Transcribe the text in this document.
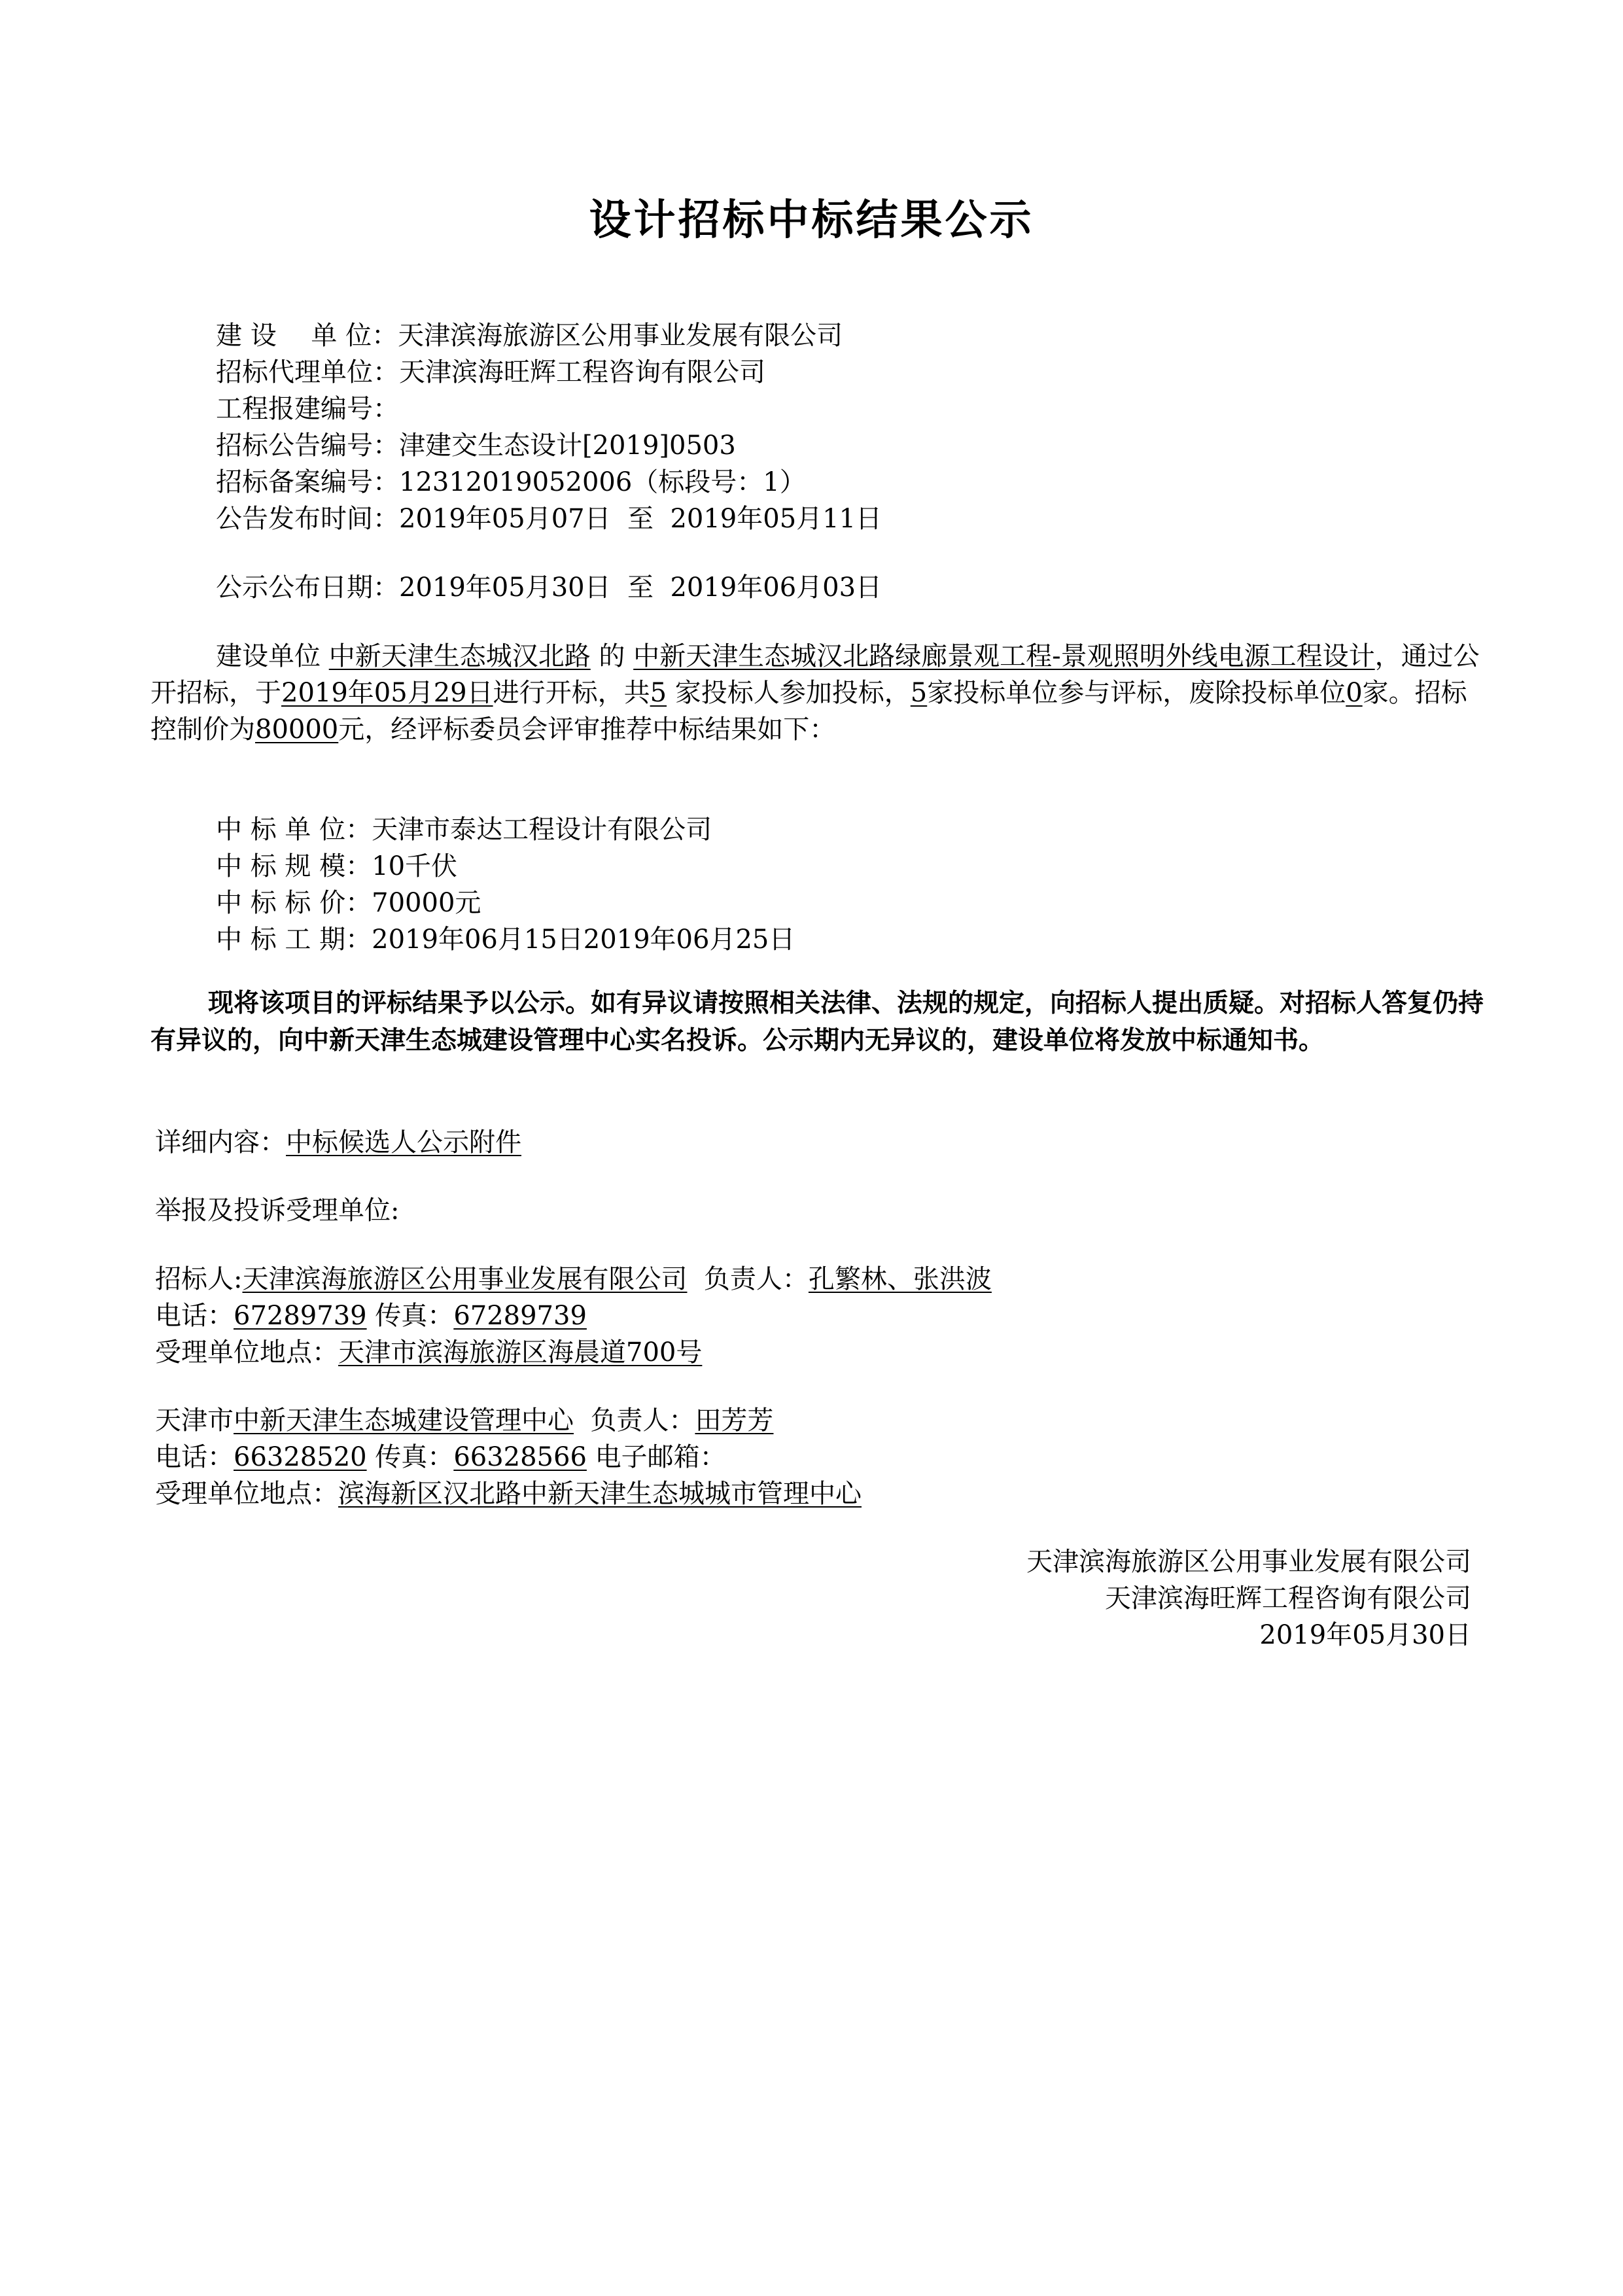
设计招标中标结果公示
建 设　 单 位：天津滨海旅游区公用事业发展有限公司
招标代理单位：天津滨海旺辉工程咨询有限公司
工程报建编号：
招标公告编号：津建交生态设计[2019]0503
招标备案编号：12312019052006（标段号：1）
公告发布时间：2019年05月07日  至  2019年05月11日
公示公布日期：2019年05月30日  至  2019年06月03日
建设单位 中新天津生态城汉北路 的 中新天津生态城汉北路绿廊景观工程-景观照明外线电源工程设计，通过公开招标，于2019年05月29日进行开标，共5 家投标人参加投标，5家投标单位参与评标，废除投标单位0家。招标控制价为80000元，经评标委员会评审推荐中标结果如下：
中 标 单 位：天津市泰达工程设计有限公司
中 标 规 模：10千伏
中 标 标 价：70000元
中 标 工 期：2019年06月15日2019年06月25日
现将该项目的评标结果予以公示。如有异议请按照相关法律、法规的规定，向招标人提出质疑。对招标人答复仍持有异议的，向中新天津生态城建设管理中心实名投诉。公示期内无异议的，建设单位将发放中标通知书。
详细内容：中标候选人公示附件
举报及投诉受理单位:
招标人:天津滨海旅游区公用事业发展有限公司 负责人：孔繁林、张洪波
电话：67289739 传真：67289739
受理单位地点：天津市滨海旅游区海晨道700号
天津市中新天津生态城建设管理中心 负责人：田芳芳
电话：66328520 传真：66328566 电子邮箱：
受理单位地点：滨海新区汉北路中新天津生态城城市管理中心
天津滨海旅游区公用事业发展有限公司
天津滨海旺辉工程咨询有限公司
2019年05月30日
